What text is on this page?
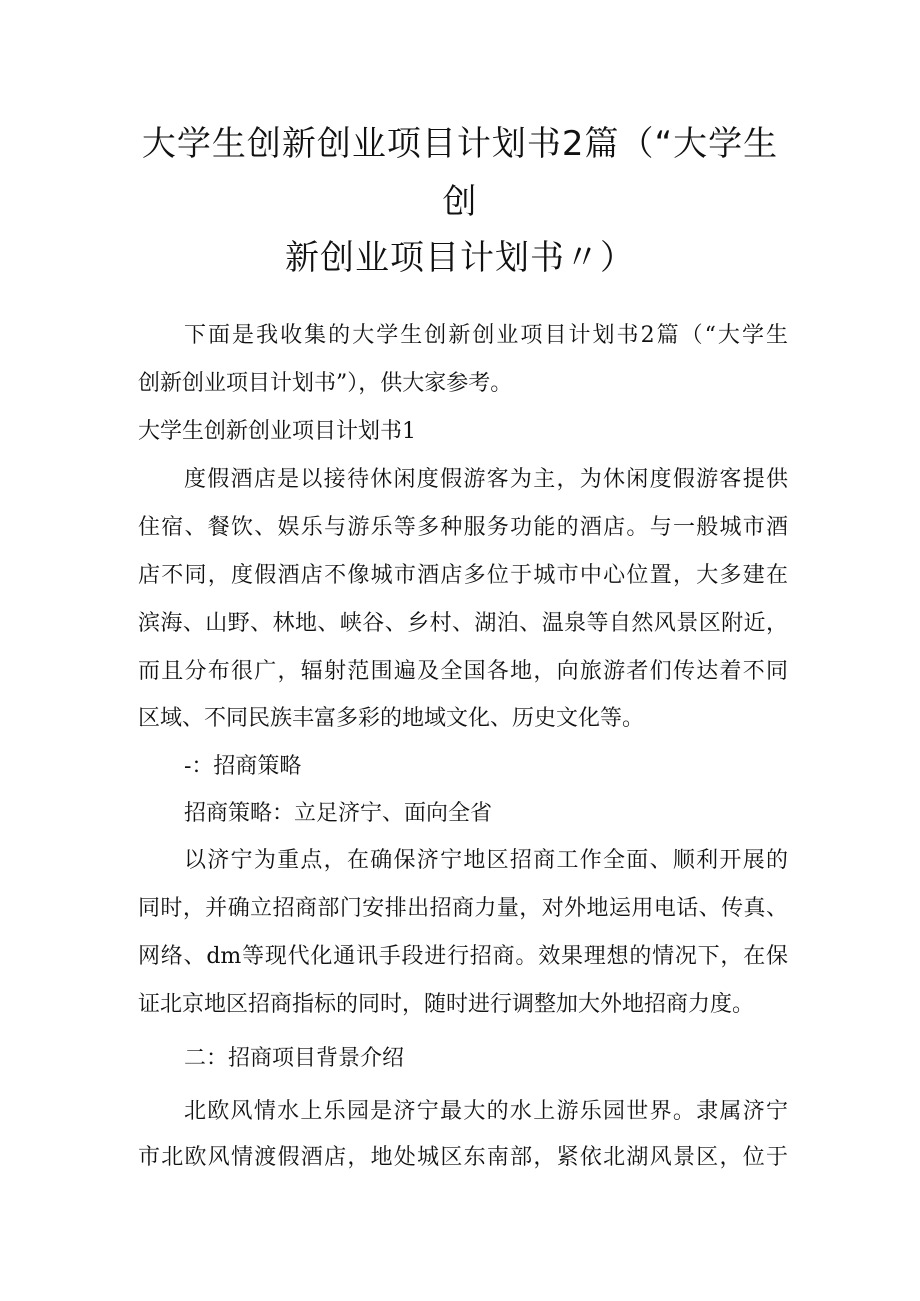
大学生创新创业项目计划书2篇（“大学生
创
新创业项目计划书〃）
下面是我收集的大学生创新创业项目计划书2篇（“大学生
创新创业项目计划书”），供大家参考。
大学生创新创业项目计划书1
度假酒店是以接待休闲度假游客为主，为休闲度假游客提供
住宿、餐饮、娱乐与游乐等多种服务功能的酒店。与一般城市酒
店不同，度假酒店不像城市酒店多位于城市中心位置，大多建在
滨海、山野、林地、峡谷、乡村、湖泊、温泉等自然风景区附近，
而且分布很广，辐射范围遍及全国各地，向旅游者们传达着不同
区域、不同民族丰富多彩的地域文化、历史文化等。
-：招商策略
招商策略：立足济宁、面向全省
以济宁为重点，在确保济宁地区招商工作全面、顺利开展的
同时，并确立招商部门安排出招商力量，对外地运用电话、传真、
网络、dm等现代化通讯手段进行招商。效果理想的情况下，在保
证北京地区招商指标的同时，随时进行调整加大外地招商力度。
二：招商项目背景介绍
北欧风情水上乐园是济宁最大的水上游乐园世界。隶属济宁
市北欧风情渡假酒店，地处城区东南部，紧依北湖风景区，位于
